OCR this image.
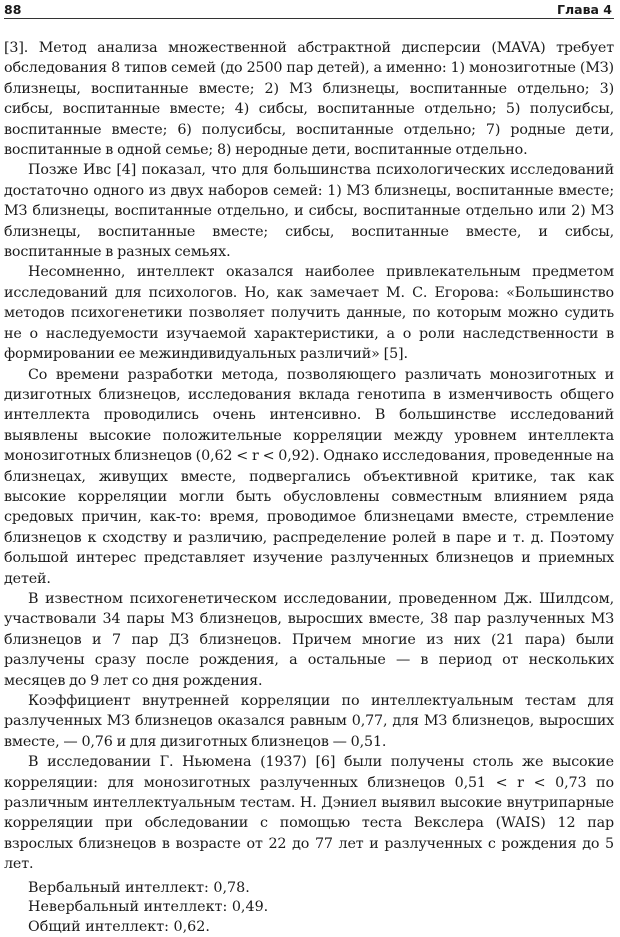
88	Глава 4

[3]. Метод анализа множественной абстрактной дисперсии (MAVA) требует обследования 8 типов семей (до 2500 пар детей), а именно: 1) монозиготные (МЗ) близнецы, воспитанные вместе; 2) МЗ близнецы, воспитанные отдельно; 3) сибсы, воспитанные вместе; 4) сибсы, воспитанные отдельно; 5) полусибсы, воспитанные вместе; 6) полусибсы, воспитанные отдельно; 7) родные дети, воспитанные в одной семье; 8) неродные дети, воспитанные отдельно.

Позже Ивс [4] показал, что для большинства психологических исследований достаточно одного из двух наборов семей: 1) МЗ близнецы, воспитанные вместе; МЗ близнецы, воспитанные отдельно, и сибсы, воспитанные отдельно или 2) МЗ близнецы, воспитанные вместе; сибсы, воспитанные вместе, и сибсы, воспитанные в разных семьях.

Несомненно, интеллект оказался наиболее привлекательным предметом исследований для психологов. Но, как замечает М. С. Егорова: «Большинство методов психогенетики позволяет получить данные, по которым можно судить не о наследуемости изучаемой характеристики, а о роли наследственности в формировании ее межиндивидуальных различий» [5].

Со времени разработки метода, позволяющего различать монозиготных и дизиготных близнецов, исследования вклада генотипа в изменчивость общего интеллекта проводились очень интенсивно. В большинстве исследований выявлены высокие положительные корреляции между уровнем интеллекта монозиготных близнецов (0,62 < r < 0,92). Однако исследования, проведенные на близнецах, живущих вместе, подвергались объективной критике, так как высокие корреляции могли быть обусловлены совместным влиянием ряда средовых причин, как-то: время, проводимое близнецами вместе, стремление близнецов к сходству и различию, распределение ролей в паре и т. д. Поэтому большой интерес представляет изучение разлученных близнецов и приемных детей.

В известном психогенетическом исследовании, проведенном Дж. Шилдсом, участвовали 34 пары МЗ близнецов, выросших вместе, 38 пар разлученных МЗ близнецов и 7 пар ДЗ близнецов. Причем многие из них (21 пара) были разлучены сразу после рождения, а остальные — в период от нескольких месяцев до 9 лет со дня рождения.

Коэффициент внутренней корреляции по интеллектуальным тестам для разлученных МЗ близнецов оказался равным 0,77, для МЗ близнецов, выросших вместе, — 0,76 и для дизиготных близнецов — 0,51.

В исследовании Г. Ньюмена (1937) [6] были получены столь же высокие корреляции: для монозиготных разлученных близнецов 0,51 < r < 0,73 по различным интеллектуальным тестам. Н. Дэниел выявил высокие внутрипарные корреляции при обследовании с помощью теста Векслера (WAIS) 12 пар взрослых близнецов в возрасте от 22 до 77 лет и разлученных с рождения до 5 лет.

Вербальный интеллект: 0,78.
Невербальный интеллект: 0,49.
Общий интеллект: 0,62.
